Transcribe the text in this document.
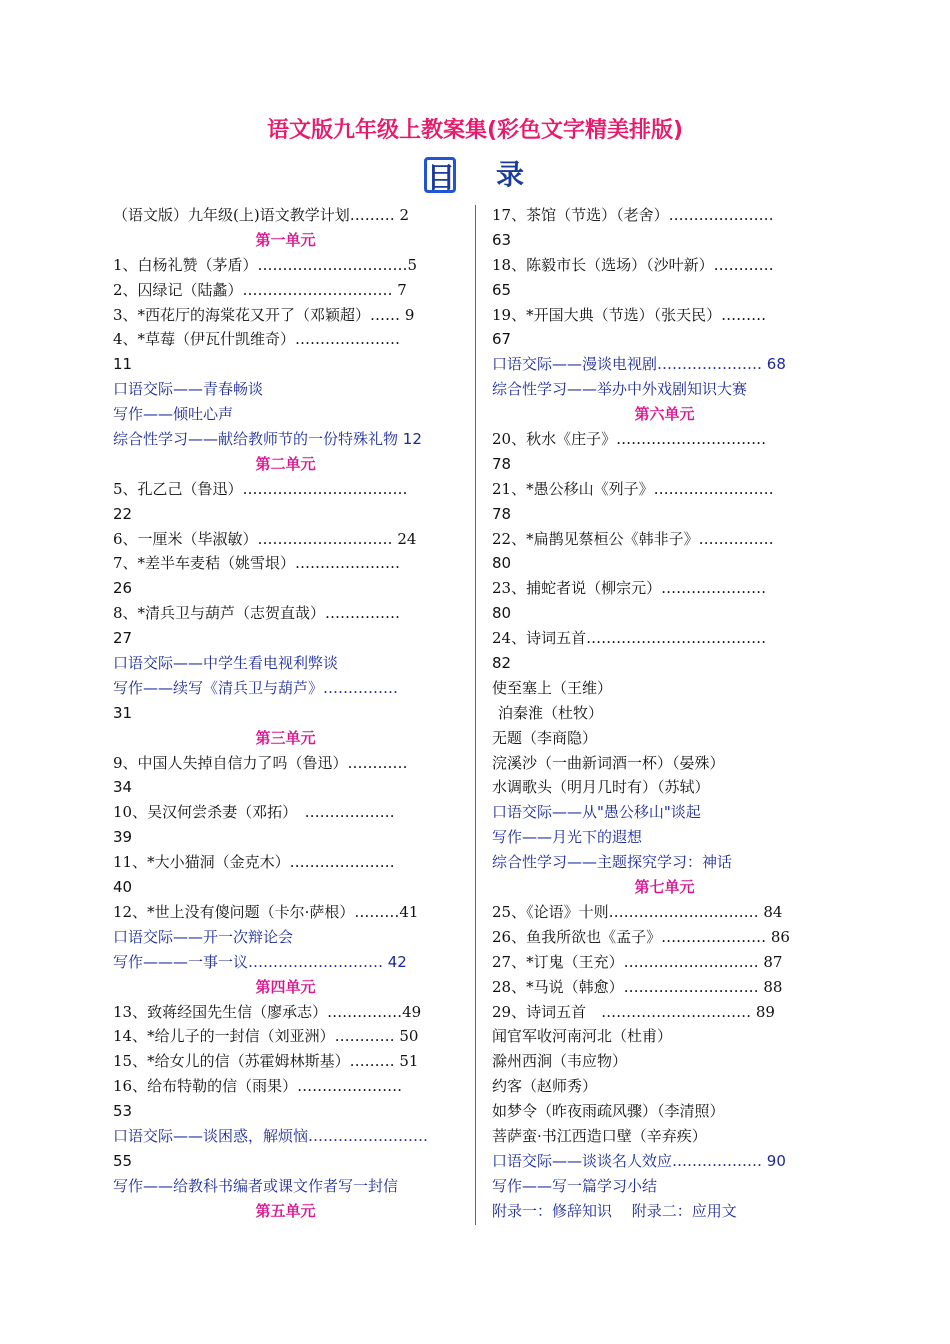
语文版九年级上教案集(彩色文字精美排版)
目 录
（语文版）九年级(上)语文教学计划……… 2
第一单元
1、白杨礼赞（茅盾）…………………………5
2、囚绿记（陆蠡）………………………… 7
3、*西花厅的海棠花又开了（邓颖超）…… 9
4、*草莓（伊瓦什凯维奇）…………………
11
口语交际——青春畅谈
写作——倾吐心声
综合性学习——献给教师节的一份特殊礼物 12
第二单元
5、孔乙己（鲁迅）……………………………
22
6、一厘米（毕淑敏）……………………… 24
7、*差半车麦秸（姚雪垠）…………………
26
8、*清兵卫与葫芦（志贺直哉）……………
27
口语交际——中学生看电视利弊谈
写作——续写《清兵卫与葫芦》……………
31
第三单元
9、中国人失掉自信力了吗（鲁迅）…………
34
10、吴汉何尝杀妻（邓拓）　………………
39
11、*大小猫洞（金克木）…………………
40
12、*世上没有傻问题（卡尔·萨根）………41
口语交际——开一次辩论会
写作———一事一议……………………… 42
第四单元
13、致蒋经国先生信（廖承志）……………49
14、*给儿子的一封信（刘亚洲）………… 50
15、*给女儿的信（苏霍姆林斯基）……… 51
16、给布特勒的信（雨果）…………………
53
口语交际——谈困惑，解烦恼……………………
55
写作——给教科书编者或课文作者写一封信
第五单元
17、茶馆（节选）（老舍）…………………
63
18、陈毅市长（选场）（沙叶新）…………
65
19、*开国大典（节选）（张天民）………
67
口语交际——漫谈电视剧………………… 68
综合性学习——举办中外戏剧知识大赛
第六单元
20、秋水《庄子》…………………………
78
21、*愚公移山《列子》……………………
78
22、*扁鹊见蔡桓公《韩非子》……………
80
23、捕蛇者说（柳宗元）…………………
80
24、诗词五首………………………………
82
使至塞上（王维）
泊秦淮（杜牧）
无题（李商隐）
浣溪沙（一曲新词酒一杯）（晏殊）
水调歌头（明月几时有）（苏轼）
口语交际——从"愚公移山"谈起
写作——月光下的遐想
综合性学习——主题探究学习：神话
第七单元
25、《论语》十则………………………… 84
26、鱼我所欲也《孟子》………………… 86
27、*订鬼（王充）……………………… 87
28、*马说（韩愈）……………………… 88
29、诗词五首　………………………… 89
闻官军收河南河北（杜甫）
滁州西涧（韦应物）
约客（赵师秀）
如梦令（昨夜雨疏风骤）（李清照）
菩萨蛮·书江西造口壁（辛弃疾）
口语交际——谈谈名人效应……………… 90
写作——写一篇学习小结
附录一：修辞知识　 附录二：应用文
